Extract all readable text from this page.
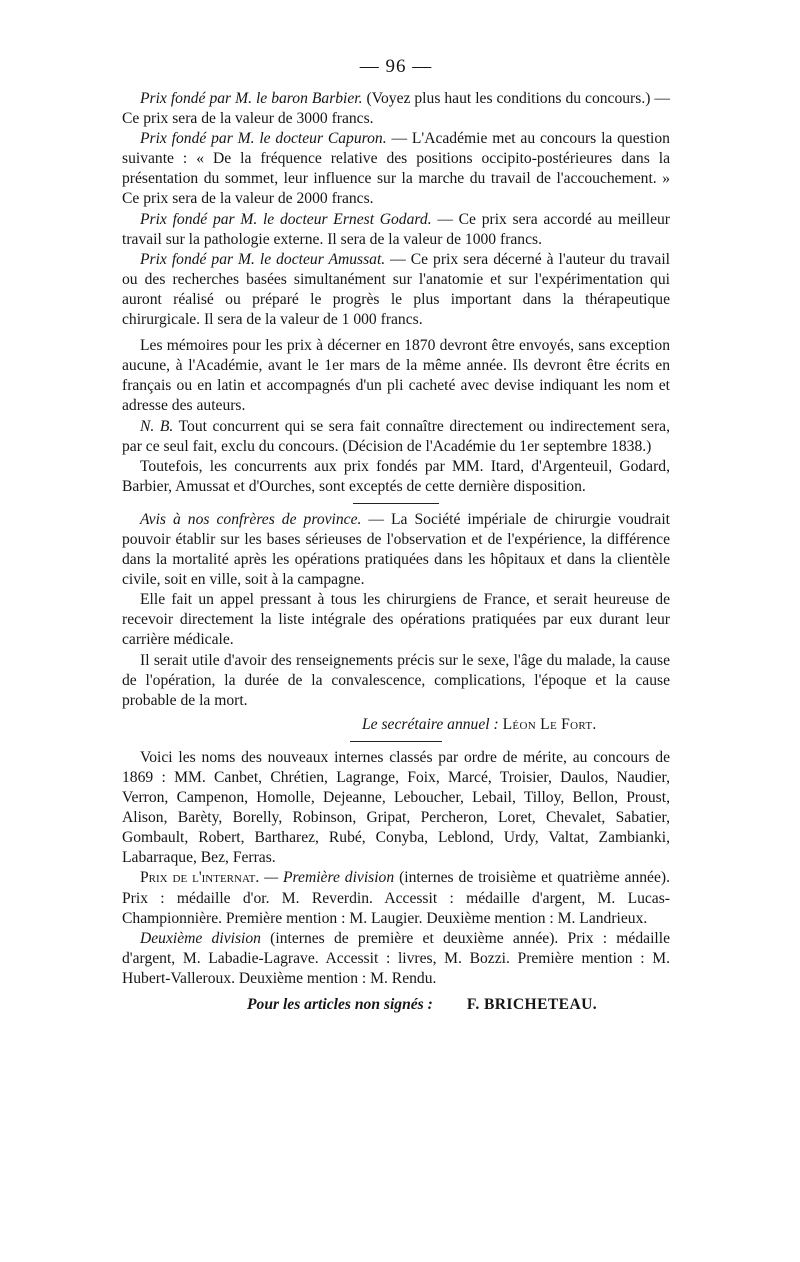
— 96 —

Prix fondé par M. le baron Barbier. (Voyez plus haut les conditions du concours.) — Ce prix sera de la valeur de 3000 francs.

Prix fondé par M. le docteur Capuron. — L'Académie met au concours la question suivante : « De la fréquence relative des positions occipito-postérieures dans la présentation du sommet, leur influence sur la marche du travail de l'accouchement. » Ce prix sera de la valeur de 2000 francs.

Prix fondé par M. le docteur Ernest Godard. — Ce prix sera accordé au meilleur travail sur la pathologie externe. Il sera de la valeur de 1000 francs.

Prix fondé par M. le docteur Amussat. — Ce prix sera décerné à l'auteur du travail ou des recherches basées simultanément sur l'anatomie et sur l'expérimentation qui auront réalisé ou préparé le progrès le plus important dans la thérapeutique chirurgicale. Il sera de la valeur de 1 000 francs.

Les mémoires pour les prix à décerner en 1870 devront être envoyés, sans exception aucune, à l'Académie, avant le 1er mars de la même année. Ils devront être écrits en français ou en latin et accompagnés d'un pli cacheté avec devise indiquant les nom et adresse des auteurs.

N. B. Tout concurrent qui se sera fait connaître directement ou indirectement sera, par ce seul fait, exclu du concours. (Décision de l'Académie du 1er septembre 1838.)

Toutefois, les concurrents aux prix fondés par MM. Itard, d'Argenteuil, Godard, Barbier, Amussat et d'Ourches, sont exceptés de cette dernière disposition.

Avis à nos confrères de province. — La Société impériale de chirurgie voudrait pouvoir établir sur les bases sérieuses de l'observation et de l'expérience, la différence dans la mortalité après les opérations pratiquées dans les hôpitaux et dans la clientèle civile, soit en ville, soit à la campagne.

Elle fait un appel pressant à tous les chirurgiens de France, et serait heureuse de recevoir directement la liste intégrale des opérations pratiquées par eux durant leur carrière médicale.

Il serait utile d'avoir des renseignements précis sur le sexe, l'âge du malade, la cause de l'opération, la durée de la convalescence, complications, l'époque et la cause probable de la mort.

Le secrétaire annuel : Léon Le Fort.

Voici les noms des nouveaux internes classés par ordre de mérite, au concours de 1869 : MM. Canbet, Chrétien, Lagrange, Foix, Marcé, Troisier, Daulos, Naudier, Verron, Campenon, Homolle, Dejeanne, Leboucher, Lebail, Tilloy, Bellon, Proust, Alison, Barèty, Borelly, Robinson, Gripat, Percheron, Loret, Chevalet, Sabatier, Gombault, Robert, Bartharez, Rubé, Conyba, Leblond, Urdy, Valtat, Zambianki, Labarraque, Bez, Ferras.

Prix de l'internat. — Première division (internes de troisième et quatrième année). Prix : médaille d'or. M. Reverdin. Accessit : médaille d'argent, M. Lucas-Championnière. Première mention : M. Laugier. Deuxième mention : M. Landrieux.

Deuxième division (internes de première et deuxième année). Prix : médaille d'argent, M. Labadie-Lagrave. Accessit : livres, M. Bozzi. Première mention : M. Hubert-Valleroux. Deuxième mention : M. Rendu.

Pour les articles non signés : F. BRICHETEAU.
